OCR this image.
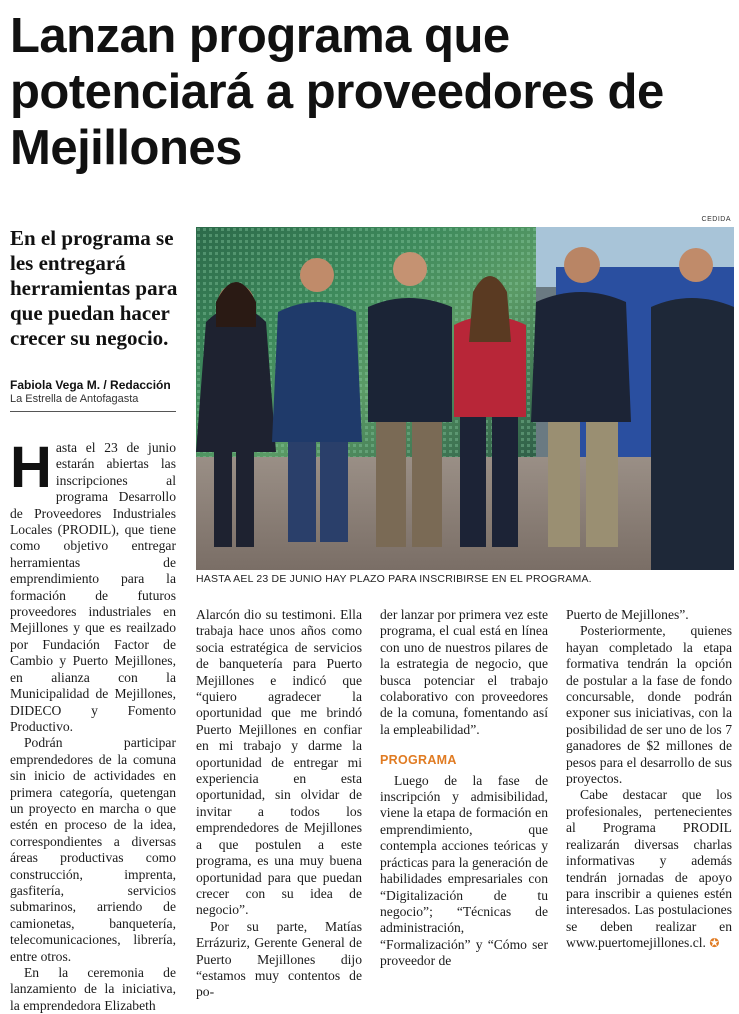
Lanzan programa que potenciará a proveedores de Mejillones

En el programa se les entregará herramientas para que puedan hacer crecer su negocio.

Fabiola Vega M. / Redacción
La Estrella de Antofagasta
CEDIDA
HASTA AEL 23 DE JUNIO HAY PLAZO PARA INSCRIBIRSE EN EL PROGRAMA.

Hasta el 23 de junio estarán abiertas las inscripciones al programa Desarrollo de Proveedores Industriales Locales (PRODIL), que tiene como objetivo entregar herramientas de emprendimiento para la formación de futuros proveedores industriales en Mejillones y que es reailzado por Fundación Factor de Cambio y Puerto Mejillones, en alianza con la Municipalidad de Mejillones, DIDECO y Fomento Productivo.

Podrán participar emprendedores de la comuna sin inicio de actividades en primera categoría, quetengan un proyecto en marcha o que estén en proceso de la idea, correspondientes a diversas áreas productivas como construcción, imprenta, gasfitería, servicios submarinos, arriendo de camionetas, banquetería, telecomunicaciones, librería, entre otros.

En la ceremonia de lanzamiento de la iniciativa, la emprendedora Elizabeth

Alarcón dio su testimoni. Ella trabaja hace unos años como socia estratégica de servicios de banquetería para Puerto Mejillones e indicó que “quiero agradecer la oportunidad que me brindó Puerto Mejillones en confiar en mi trabajo y darme la oportunidad de entregar mi experiencia en esta oportunidad, sin olvidar de invitar a todos los emprendedores de Mejillones a que postulen a este programa, es una muy buena oportunidad para que puedan crecer con su idea de negocio”.

Por su parte, Matías Errázuriz, Gerente General de Puerto Mejillones dijo “estamos muy contentos de po-

der lanzar por primera vez este programa, el cual está en línea con uno de nuestros pilares de la estrategia de negocio, que busca potenciar el trabajo colaborativo con proveedores de la comuna, fomentando así la empleabilidad”.

PROGRAMA

Luego de la fase de inscripción y admisibilidad, viene la etapa de formación en emprendimiento, que contempla acciones teóricas y prácticas para la generación de habilidades empresariales con “Digitalización de tu negocio”; “Técnicas de administración, “Formalización” y “Cómo ser proveedor de

Puerto de Mejillones”.

Posteriormente, quienes hayan completado la etapa formativa tendrán la opción de postular a la fase de fondo concursable, donde podrán exponer sus iniciativas, con la posibilidad de ser uno de los 7 ganadores de $2 millones de pesos para el desarrollo de sus proyectos.

Cabe destacar que los profesionales, pertenecientes al Programa PRODIL realizarán diversas charlas informativas y además tendrán jornadas de apoyo para inscribir a quienes estén interesados. Las postulaciones se deben realizar en www.puertomejillones.cl. ✪
